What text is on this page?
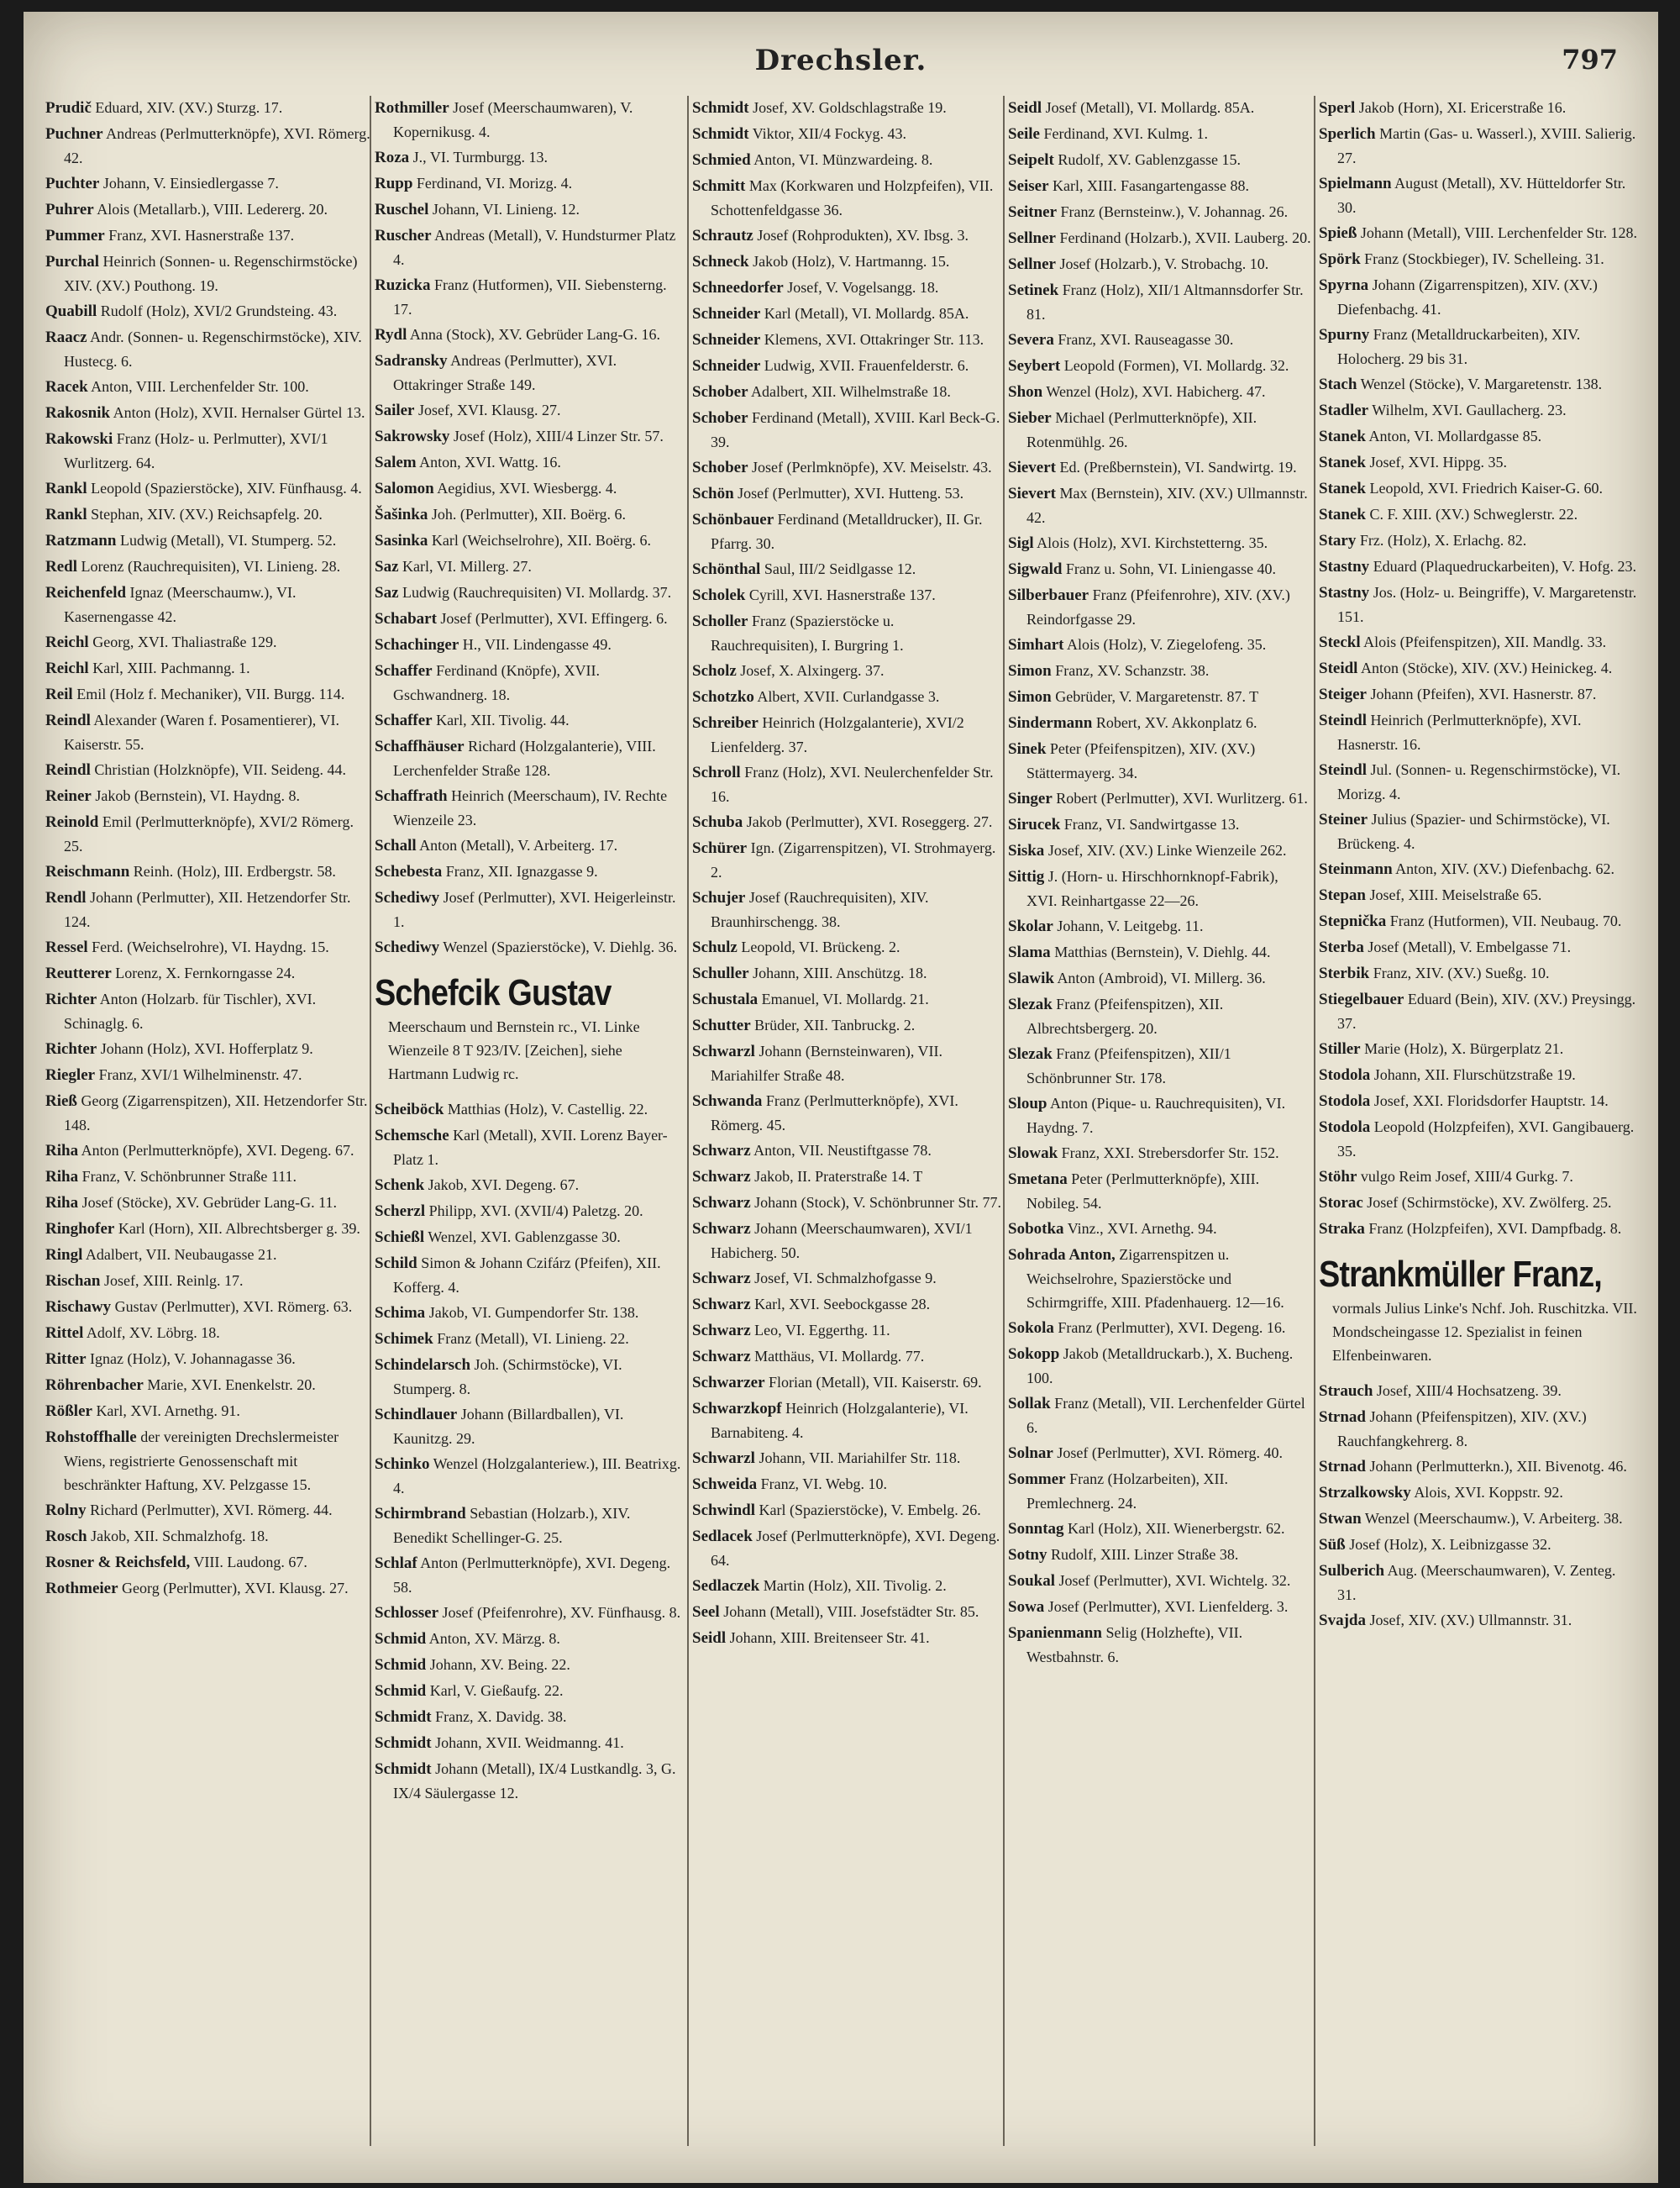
Drechsler.	797
Prudič Eduard, XIV. (XV.) Sturzg. 17.
Puchner Andreas (Perlmutterknöpfe), XVI. Römerg. 42.
Puchter Johann, V. Einsiedlergasse 7.
Puhrer Alois (Metallarb.), VIII. Ledererg. 20.
Pummer Franz, XVI. Hasnerstraße 137.
Purchal Heinrich (Sonnen- u. Regenschirmstöcke) XIV. (XV.) Pouthong. 19.
Quabill Rudolf (Holz), XVI/2 Grundsteing. 43.
Raacz Andr. (Sonnen- u. Regenschirmstöcke), XIV. Hustecg. 6.
Racek Anton, VIII. Lerchenfelder Str. 100.
Rakosnik Anton (Holz), XVII. Hernalser Gürtel 13.
Rakowski Franz (Holz- u. Perlmutter), XVI/1 Wurlitzerg. 64.
Rankl Leopold (Spazierstöcke), XIV. Fünfhausg. 4.
Rankl Stephan, XIV. (XV.) Reichsapfelg. 20.
Ratzmann Ludwig (Metall), VI. Stumperg. 52.
Redl Lorenz (Rauchrequisiten), VI. Linieng. 28.
Reichenfeld Ignaz (Meerschaumw.), VI. Kasernengasse 42.
Reichl Georg, XVI. Thaliastraße 129.
Reichl Karl, XIII. Pachmanng. 1.
Reil Emil (Holz f. Mechaniker), VII. Burgg. 114.
Reindl Alexander (Waren f. Posamentierer), VI. Kaiserstr. 55.
Reindl Christian (Holzknöpfe), VII. Seideng. 44.
Reiner Jakob (Bernstein), VI. Haydng. 8.
Reinold Emil (Perlmutterknöpfe), XVI/2 Römerg. 25.
Reischmann Reinh. (Holz), III. Erdbergstr. 58.
Rendl Johann (Perlmutter), XII. Hetzendorfer Str. 124.
Ressel Ferd. (Weichselrohre), VI. Haydng. 15.
Reutterer Lorenz, X. Fernkorngasse 24.
Richter Anton (Holzarb. für Tischler), XVI. Schinaglg. 6.
Richter Johann (Holz), XVI. Hofferplatz 9.
Riegler Franz, XVI/1 Wilhelminenstr. 47.
Rieß Georg (Zigarrenspitzen), XII. Hetzendorfer Str. 148.
Riha Anton (Perlmutterknöpfe), XVI. Degeng. 67.
Riha Franz, V. Schönbrunner Straße 111.
Riha Josef (Stöcke), XV. Gebrüder Lang-G. 11.
Ringhofer Karl (Horn), XII. Albrechtsberger g. 39.
Ringl Adalbert, VII. Neubaugasse 21.
Rischan Josef, XIII. Reinlg. 17.
Rischawy Gustav (Perlmutter), XVI. Römerg. 63.
Rittel Adolf, XV. Löbrg. 18.
Ritter Ignaz (Holz), V. Johannagasse 36.
Röhrenbacher Marie, XVI. Enenkelstr. 20.
Rößler Karl, XVI. Arnethg. 91.
Rohstoffhalle der vereinigten Drechslermeister Wiens, registrierte Genossenschaft mit beschränkter Haftung, XV. Pelzgasse 15.
Rolny Richard (Perlmutter), XVI. Römerg. 44.
Rosch Jakob, XII. Schmalzhofg. 18.
Rosner & Reichsfeld, VIII. Laudong. 67.
Rothmeier Georg (Perlmutter), XVI. Klausg. 27.
Rothmiller Josef (Meerschaumwaren), V. Kopernikusg. 4.
Roza J., VI. Turmburgg. 13.
Rupp Ferdinand, VI. Morizg. 4.
Ruschel Johann, VI. Linieng. 12.
Ruscher Andreas (Metall), V. Hundsturmer Platz 4.
Ruzicka Franz (Hutformen), VII. Siebensterng. 17.
Rydl Anna (Stock), XV. Gebrüder Lang-G. 16.
Sadransky Andreas (Perlmutter), XVI. Ottakringer Straße 149.
Sailer Josef, XVI. Klausg. 27.
Sakrowsky Josef (Holz), XIII/4 Linzer Str. 57.
Salem Anton, XVI. Wattg. 16.
Salomon Aegidius, XVI. Wiesbergg. 4.
Šašinka Joh. (Perlmutter), XII. Boërg. 6.
Sasinka Karl (Weichselrohre), XII. Boërg. 6.
Saz Karl, VI. Millerg. 27.
Saz Ludwig (Rauchrequisiten) VI. Mollardg. 37.
Schabart Josef (Perlmutter), XVI. Effingerg. 6.
Schachinger H., VII. Lindengasse 49.
Schaffer Ferdinand (Knöpfe), XVII. Gschwandnerg. 18.
Schaffer Karl, XII. Tivolig. 44.
Schaffhäuser Richard (Holzgalanterie), VIII. Lerchenfelder Straße 128.
Schaffrath Heinrich (Meerschaum), IV. Rechte Wienzeile 23.
Schall Anton (Metall), V. Arbeiterg. 17.
Schebesta Franz, XII. Ignazgasse 9.
Schediwy Josef (Perlmutter), XVI. Heigerleinstr. 1.
Schediwy Wenzel (Spazierstöcke), V. Diehlg. 36.
Schefcik Gustav
Meerschaum und Bernstein rc., VI. Linke Wienzeile 8 T 923/IV. [Zeichen], siehe Hartmann Ludwig rc.
Scheiböck Matthias (Holz), V. Castellig. 22.
Schemsche Karl (Metall), XVII. Lorenz Bayer-Platz 1.
Schenk Jakob, XVI. Degeng. 67.
Scherzl Philipp, XVI. (XVII/4) Paletzg. 20.
Schießl Wenzel, XVI. Gablenzgasse 30.
Schild Simon & Johann Czifárz (Pfeifen), XII. Kofferg. 4.
Schima Jakob, VI. Gumpendorfer Str. 138.
Schimek Franz (Metall), VI. Linieng. 22.
Schindelarsch Joh. (Schirmstöcke), VI. Stumperg. 8.
Schindlauer Johann (Billardballen), VI. Kaunitzg. 29.
Schinko Wenzel (Holzgalanteriew.), III. Beatrixg. 4.
Schirmbrand Sebastian (Holzarb.), XIV. Benedikt Schellinger-G. 25.
Schlaf Anton (Perlmutterknöpfe), XVI. Degeng. 58.
Schlosser Josef (Pfeifenrohre), XV. Fünfhausg. 8.
Schmid Anton, XV. Märzg. 8.
Schmid Johann, XV. Being. 22.
Schmid Karl, V. Gießaufg. 22.
Schmidt Franz, X. Davidg. 38.
Schmidt Johann, XVII. Weidmanng. 41.
Schmidt Johann (Metall), IX/4 Lustkandlg. 3, G. IX/4 Säulergasse 12.
Schmidt Josef, XV. Goldschlagstraße 19.
Schmidt Viktor, XII/4 Fockyg. 43.
Schmied Anton, VI. Münzwardeing. 8.
Schmitt Max (Korkwaren und Holzpfeifen), VII. Schottenfeldgasse 36.
Schrautz Josef (Rohprodukten), XV. Ibsg. 3.
Schneck Jakob (Holz), V. Hartmanng. 15.
Schneedorfer Josef, V. Vogelsangg. 18.
Schneider Karl (Metall), VI. Mollardg. 85A.
Schneider Klemens, XVI. Ottakringer Str. 113.
Schneider Ludwig, XVII. Frauenfelderstr. 6.
Schober Adalbert, XII. Wilhelmstraße 18.
Schober Ferdinand (Metall), XVIII. Karl Beck-G. 39.
Schober Josef (Perlmknöpfe), XV. Meiselstr. 43.
Schön Josef (Perlmutter), XVI. Hutteng. 53.
Schönbauer Ferdinand (Metalldrucker), II. Gr. Pfarrg. 30.
Schönthal Saul, III/2 Seidlgasse 12.
Scholek Cyrill, XVI. Hasnerstraße 137.
Scholler Franz (Spazierstöcke u. Rauchrequisiten), I. Burgring 1.
Scholz Josef, X. Alxingerg. 37.
Schotzko Albert, XVII. Curlandgasse 3.
Schreiber Heinrich (Holzgalanterie), XVI/2 Lienfelderg. 37.
Schroll Franz (Holz), XVI. Neulerchenfelder Str. 16.
Schuba Jakob (Perlmutter), XVI. Roseggerg. 27.
Schürer Ign. (Zigarrenspitzen), VI. Strohmayerg. 2.
Schujer Josef (Rauchrequisiten), XIV. Braunhirschengg. 38.
Schulz Leopold, VI. Brückeng. 2.
Schuller Johann, XIII. Anschützg. 18.
Schustala Emanuel, VI. Mollardg. 21.
Schutter Brüder, XII. Tanbruckg. 2.
Schwarzl Johann (Bernsteinwaren), VII. Mariahilfer Straße 48.
Schwanda Franz (Perlmutterknöpfe), XVI. Römerg. 45.
Schwarz Anton, VII. Neustiftgasse 78.
Schwarz Jakob, II. Praterstraße 14. T
Schwarz Johann (Stock), V. Schönbrunner Str. 77.
Schwarz Johann (Meerschaumwaren), XVI/1 Habicherg. 50.
Schwarz Josef, VI. Schmalzhofgasse 9.
Schwarz Karl, XVI. Seebockgasse 28.
Schwarz Leo, VI. Eggerthg. 11.
Schwarz Matthäus, VI. Mollardg. 77.
Schwarzer Florian (Metall), VII. Kaiserstr. 69.
Schwarzkopf Heinrich (Holzgalanterie), VI. Barnabiteng. 4.
Schwarzl Johann, VII. Mariahilfer Str. 118.
Schweida Franz, VI. Webg. 10.
Schwindl Karl (Spazierstöcke), V. Embelg. 26.
Sedlacek Josef (Perlmutterknöpfe), XVI. Degeng. 64.
Sedlaczek Martin (Holz), XII. Tivolig. 2.
Seel Johann (Metall), VIII. Josefstädter Str. 85.
Seidl Johann, XIII. Breitenseer Str. 41.
Seidl Josef (Metall), VI. Mollardg. 85A.
Seile Ferdinand, XVI. Kulmg. 1.
Seipelt Rudolf, XV. Gablenzgasse 15.
Seiser Karl, XIII. Fasangartengasse 88.
Seitner Franz (Bernsteinw.), V. Johannag. 26.
Sellner Ferdinand (Holzarb.), XVII. Lauberg. 20.
Sellner Josef (Holzarb.), V. Strobachg. 10.
Setinek Franz (Holz), XII/1 Altmannsdorfer Str. 81.
Severa Franz, XVI. Rauseagasse 30.
Seybert Leopold (Formen), VI. Mollardg. 32.
Shon Wenzel (Holz), XVI. Habicherg. 47.
Sieber Michael (Perlmutterknöpfe), XII. Rotenmühlg. 26.
Sievert Ed. (Preßbernstein), VI. Sandwirtg. 19.
Sievert Max (Bernstein), XIV. (XV.) Ullmannstr. 42.
Sigl Alois (Holz), XVI. Kirchstetterng. 35.
Sigwald Franz u. Sohn, VI. Liniengasse 40.
Silberbauer Franz (Pfeifenrohre), XIV. (XV.) Reindorfgasse 29.
Simhart Alois (Holz), V. Ziegelofeng. 35.
Simon Franz, XV. Schanzstr. 38.
Simon Gebrüder, V. Margaretenstr. 87. T
Sindermann Robert, XV. Akkonplatz 6.
Sinek Peter (Pfeifenspitzen), XIV. (XV.) Stättermayerg. 34.
Singer Robert (Perlmutter), XVI. Wurlitzerg. 61.
Sirucek Franz, VI. Sandwirtgasse 13.
Siska Josef, XIV. (XV.) Linke Wienzeile 262.
Sittig J. (Horn- u. Hirschhornknopf-Fabrik), XVI. Reinhartgasse 22—26.
Skolar Johann, V. Leitgebg. 11.
Slama Matthias (Bernstein), V. Diehlg. 44.
Slawik Anton (Ambroid), VI. Millerg. 36.
Slezak Franz (Pfeifenspitzen), XII. Albrechtsbergerg. 20.
Slezak Franz (Pfeifenspitzen), XII/1 Schönbrunner Str. 178.
Sloup Anton (Pique- u. Rauchrequisiten), VI. Haydng. 7.
Slowak Franz, XXI. Strebersdorfer Str. 152.
Smetana Peter (Perlmutterknöpfe), XIII. Nobileg. 54.
Sobotka Vinz., XVI. Arnethg. 94.
Sohrada Anton, Zigarrenspitzen u. Weichselrohre, Spazierstöcke und Schirmgriffe, XIII. Pfadenhauerg. 12—16.
Sokola Franz (Perlmutter), XVI. Degeng. 16.
Sokopp Jakob (Metalldruckarb.), X. Bucheng. 100.
Sollak Franz (Metall), VII. Lerchenfelder Gürtel 6.
Solnar Josef (Perlmutter), XVI. Römerg. 40.
Sommer Franz (Holzarbeiten), XII. Premlechnerg. 24.
Sonntag Karl (Holz), XII. Wienerbergstr. 62.
Sotny Rudolf, XIII. Linzer Straße 38.
Soukal Josef (Perlmutter), XVI. Wichtelg. 32.
Sowa Josef (Perlmutter), XVI. Lienfelderg. 3.
Spanienmann Selig (Holzhefte), VII. Westbahnstr. 6.
Sperl Jakob (Horn), XI. Ericerstraße 16.
Sperlich Martin (Gas- u. Wasserl.), XVIII. Salierig. 27.
Spielmann August (Metall), XV. Hütteldorfer Str. 30.
Spieß Johann (Metall), VIII. Lerchenfelder Str. 128.
Spörk Franz (Stockbieger), IV. Schelleing. 31.
Spyrna Johann (Zigarrenspitzen), XIV. (XV.) Diefenbachg. 41.
Spurny Franz (Metalldruckarbeiten), XIV. Holocherg. 29 bis 31.
Stach Wenzel (Stöcke), V. Margaretenstr. 138.
Stadler Wilhelm, XVI. Gaullacherg. 23.
Stanek Anton, VI. Mollardgasse 85.
Stanek Josef, XVI. Hippg. 35.
Stanek Leopold, XVI. Friedrich Kaiser-G. 60.
Stanek C. F. XIII. (XV.) Schweglerstr. 22.
Stary Frz. (Holz), X. Erlachg. 82.
Stastny Eduard (Plaquedruckarbeiten), V. Hofg. 23.
Stastny Jos. (Holz- u. Beingriffe), V. Margaretenstr. 151.
Steckl Alois (Pfeifenspitzen), XII. Mandlg. 33.
Steidl Anton (Stöcke), XIV. (XV.) Heinickeg. 4.
Steiger Johann (Pfeifen), XVI. Hasnerstr. 87.
Steindl Heinrich (Perlmutterknöpfe), XVI. Hasnerstr. 16.
Steindl Jul. (Sonnen- u. Regenschirmstöcke), VI. Morizg. 4.
Steiner Julius (Spazier- und Schirmstöcke), VI. Brückeng. 4.
Steinmann Anton, XIV. (XV.) Diefenbachg. 62.
Stepan Josef, XIII. Meiselstraße 65.
Stepnička Franz (Hutformen), VII. Neubaug. 70.
Sterba Josef (Metall), V. Embelgasse 71.
Sterbik Franz, XIV. (XV.) Sueßg. 10.
Stiegelbauer Eduard (Bein), XIV. (XV.) Preysingg. 37.
Stiller Marie (Holz), X. Bürgerplatz 21.
Stodola Johann, XII. Flurschützstraße 19.
Stodola Josef, XXI. Floridsdorfer Hauptstr. 14.
Stodola Leopold (Holzpfeifen), XVI. Gangibauerg. 35.
Stöhr vulgo Reim Josef, XIII/4 Gurkg. 7.
Storac Josef (Schirmstöcke), XV. Zwölferg. 25.
Straka Franz (Holzpfeifen), XVI. Dampfbadg. 8.
Strankmüller Franz,
vormals Julius Linke's Nchf. Joh. Ruschitzka. VII. Mondscheingasse 12. Spezialist in feinen Elfenbeinwaren.
Strauch Josef, XIII/4 Hochsatzeng. 39.
Strnad Johann (Pfeifenspitzen), XIV. (XV.) Rauchfangkehrerg. 8.
Strnad Johann (Perlmutterkn.), XII. Bivenotg. 46.
Strzalkowsky Alois, XVI. Koppstr. 92.
Stwan Wenzel (Meerschaumw.), V. Arbeiterg. 38.
Süß Josef (Holz), X. Leibnizgasse 32.
Sulberich Aug. (Meerschaumwaren), V. Zenteg. 31.
Svajda Josef, XIV. (XV.) Ullmannstr. 31.
